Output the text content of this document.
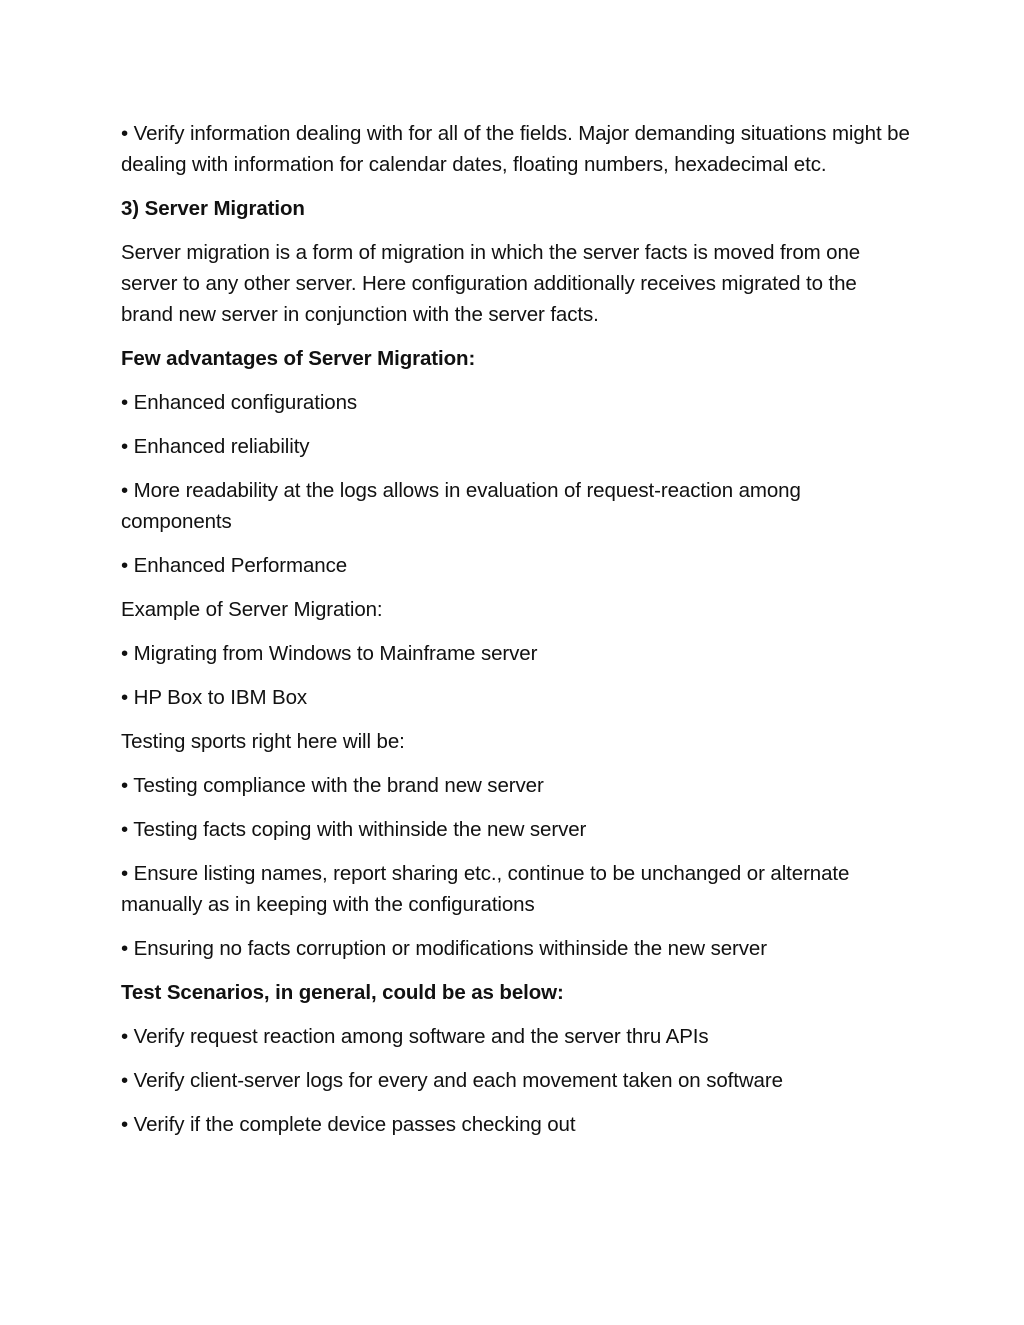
• Verify information dealing with for all of the fields. Major demanding situations might be dealing with information for calendar dates, floating numbers, hexadecimal etc.

3) Server Migration

Server migration is a form of migration in which the server facts is moved from one server to any other server. Here configuration additionally receives migrated to the brand new server in conjunction with the server facts.

Few advantages of Server Migration:

• Enhanced configurations

• Enhanced reliability

• More readability at the logs allows in evaluation of request-reaction among components

• Enhanced Performance

Example of Server Migration:

• Migrating from Windows to Mainframe server

• HP Box to IBM Box

Testing sports right here will be:

• Testing compliance with the brand new server

• Testing facts coping with withinside the new server

• Ensure listing names, report sharing etc., continue to be unchanged or alternate manually as in keeping with the configurations

• Ensuring no facts corruption or modifications withinside the new server

Test Scenarios, in general, could be as below:

• Verify request reaction among software and the server thru APIs

• Verify client-server logs for every and each movement taken on software

• Verify if the complete device passes checking out
